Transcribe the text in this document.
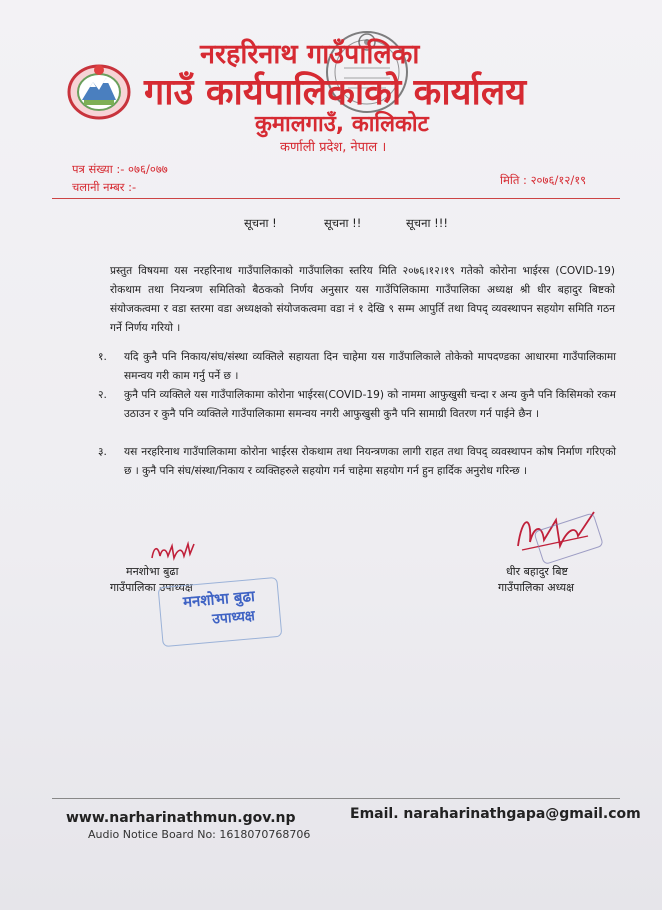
नरहरिनाथ गाउँपालिका
गाउँ कार्यपालिकाको कार्यालय
कुमालगाउँ, कालिकोट
कर्णाली प्रदेश, नेपाल ।
पत्र संख्या :- ०७६/०७७
चलानी नम्बर :-	मिति : २०७६/१२/१९
सूचना !	सूचना !!	सूचना !!!
प्रस्तुत विषयमा यस नरहरिनाथ गाउँपालिकाको गाउँपालिका स्तरिय मिति २०७६।१२।१९ गतेको कोरोना भाईरस (COVID-19) रोकथाम तथा नियन्त्रण समितिको बैठकको निर्णय अनुसार यस गाउँपिलिकामा गाउँपालिका अध्यक्ष श्री धीर बहादुर बिष्टको संयोजकत्वमा र वडा स्तरमा वडा अध्यक्षको संयोजकत्वमा वडा नं १ देखि ९ सम्म आपुर्ति तथा विपद् व्यवस्थापन सहयोग समिति गठन गर्ने निर्णय गरियो ।
१. यदि कुनै पनि निकाय/संघ/संस्था व्यक्तिले सहायता दिन चाहेमा यस गाउँपालिकाले तोकेको मापदण्डका आधारमा गाउँपालिकामा समन्वय गरी काम गर्नु पर्ने छ ।
२. कुनै पनि व्यक्तिले यस गाउँपालिकामा कोरोना भाईरस(COVID-19) को नाममा आफुखुसी चन्दा र अन्य कुनै पनि किसिमको रकम उठाउन र कुनै पनि व्यक्तिले गाउँपालिकामा समन्वय नगरी आफुखुसी कुनै पनि सामाग्री वितरण गर्न पाईने छैन ।
३. यस नरहरिनाथ गाउँपालिकामा कोरोना भाईरस रोकथाम तथा नियन्त्रणका लागी राहत तथा विपद् व्यवस्थापन कोष निर्माण गरिएको छ । कुनै पनि संघ/संस्था/निकाय र व्यक्तिहरुले सहयोग गर्न चाहेमा सहयोग गर्न हुन हार्दिक अनुरोध गरिन्छ ।
मनशोभा बुढा
गाउँपालिका उपाध्यक्ष
मनशोभा बुढा
उपाध्यक्ष
धीर बहादुर बिष्ट
गाउँपालिका अध्यक्ष
www.narharinathmun.gov.np	Email. naraharinathgapa@gmail.com
Audio Notice Board No: 1618070768706
